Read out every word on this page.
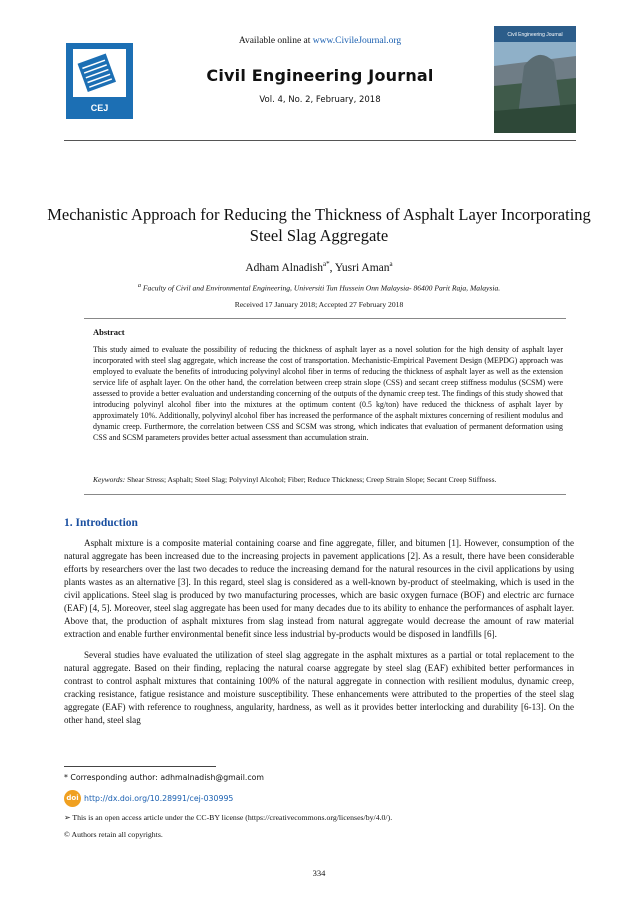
CEJ
Available online at www.CivileJournal.org
Civil Engineering Journal
Vol. 4, No. 2, February, 2018
Civil Engineering Journal
Mechanistic Approach for Reducing the Thickness of Asphalt Layer Incorporating Steel Slag Aggregate
Adham Alnadish$^{a*}$, Yusri Aman$^a$
$^a$ Faculty of Civil and Environmental Engineering, Universiti Tun Hussein Onn Malaysia- 86400 Parit Raja, Malaysia.
Received 17 January 2018; Accepted 27 February 2018
Abstract
This study aimed to evaluate the possibility of reducing the thickness of asphalt layer as a novel solution for the high density of asphalt layer incorporated with steel slag aggregate, which increase the cost of transportation. Mechanistic-Empirical Pavement Design (MEPDG) approach was employed to evaluate the benefits of introducing polyvinyl alcohol fiber in terms of reducing the thickness of asphalt layer as well as the extension service life of asphalt layer. On the other hand, the correlation between creep strain slope (CSS) and secant creep stiffness modulus (SCSM) were assessed to provide a better evaluation and understanding concerning of the outputs of the dynamic creep test. The findings of this study showed that introducing polyvinyl alcohol fiber into the mixtures at the optimum content (0.5 kg/ton) have reduced the thickness of asphalt layer by approximately 10%. Additionally, polyvinyl alcohol fiber has increased the performance of the asphalt mixtures concerning of resilient modulus and dynamic creep. Furthermore, the correlation between CSS and SCSM was strong, which indicates that evaluation of permanent deformation using CSS and SCSM parameters provides better actual assessment than accumulation strain.
Keywords: Shear Stress; Asphalt; Steel Slag; Polyvinyl Alcohol; Fiber; Reduce Thickness; Creep Strain Slope; Secant Creep Stiffness.
1. Introduction
Asphalt mixture is a composite material containing coarse and fine aggregate, filler, and bitumen [1]. However, consumption of the natural aggregate has been increased due to the increasing projects in pavement applications [2]. As a result, there have been considerable efforts by researchers over the last two decades to reduce the increasing demand for the natural resources in the civil applications by using plants wastes as an alternative [3]. In this regard, steel slag is considered as a well-known by-product of steelmaking, which is used in the civil applications. Steel slag is produced by two manufacturing processes, which are basic oxygen furnace (BOF) and electric arc furnace (EAF) [4, 5]. Moreover, steel slag aggregate has been used for many decades due to its ability to enhance the performances of asphalt layer. Above that, the production of asphalt mixtures from slag instead from natural aggregate would decrease the amount of raw material extraction and enable further environmental benefit since less industrial by-products would be disposed in landfills [6].
Several studies have evaluated the utilization of steel slag aggregate in the asphalt mixtures as a partial or total replacement to the natural aggregate. Based on their finding, replacing the natural coarse aggregate by steel slag (EAF) exhibited better performances in contrast to control asphalt mixtures that containing 100% of the natural aggregate in connection with resilient modulus, dynamic creep, cracking resistance, fatigue resistance and moisture susceptibility. These enhancements were attributed to the properties of the steel slag aggregate (EAF) with reference to roughness, angularity, hardness, as well as it provides better interlocking and durability [6-13]. On the other hand, steel slag
* Corresponding author: adhmalnadish@gmail.com
doi http://dx.doi.org/10.28991/cej-030995
➢ This is an open access article under the CC-BY license (https://creativecommons.org/licenses/by/4.0/).
© Authors retain all copyrights.
334
